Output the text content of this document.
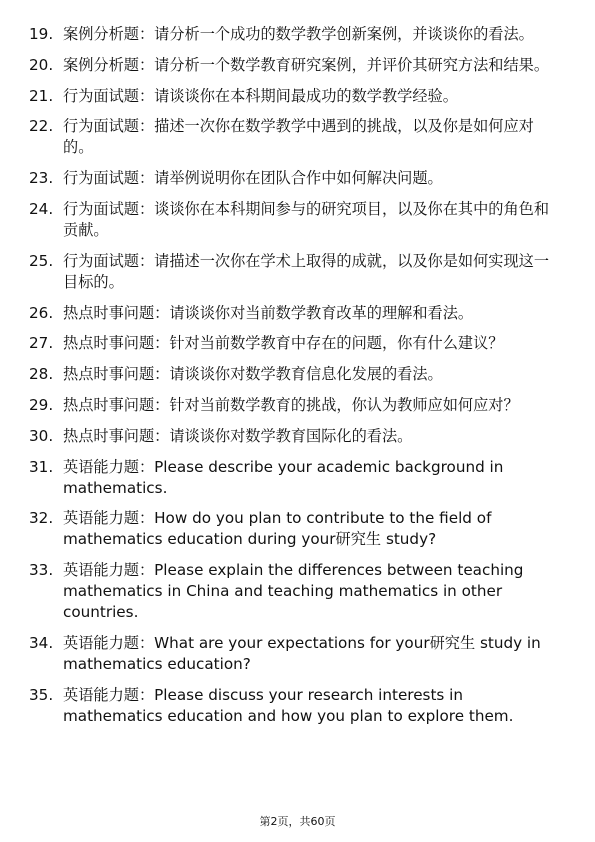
19. 案例分析题：请分析一个成功的数学教学创新案例，并谈谈你的看法。
20. 案例分析题：请分析一个数学教育研究案例，并评价其研究方法和结果。
21. 行为面试题：请谈谈你在本科期间最成功的数学教学经验。
22. 行为面试题：描述一次你在数学教学中遇到的挑战，以及你是如何应对的。
23. 行为面试题：请举例说明你在团队合作中如何解决问题。
24. 行为面试题：谈谈你在本科期间参与的研究项目，以及你在其中的角色和贡献。
25. 行为面试题：请描述一次你在学术上取得的成就，以及你是如何实现这一目标的。
26. 热点时事问题：请谈谈你对当前数学教育改革的理解和看法。
27. 热点时事问题：针对当前数学教育中存在的问题，你有什么建议？
28. 热点时事问题：请谈谈你对数学教育信息化发展的看法。
29. 热点时事问题：针对当前数学教育的挑战，你认为教师应如何应对？
30. 热点时事问题：请谈谈你对数学教育国际化的看法。
31. 英语能力题：Please describe your academic background in mathematics.
32. 英语能力题：How do you plan to contribute to the field of mathematics education during your研究生 study?
33. 英语能力题：Please explain the differences between teaching mathematics in China and teaching mathematics in other countries.
34. 英语能力题：What are your expectations for your研究生 study in mathematics education?
35. 英语能力题：Please discuss your research interests in mathematics education and how you plan to explore them.
第2页，共60页
